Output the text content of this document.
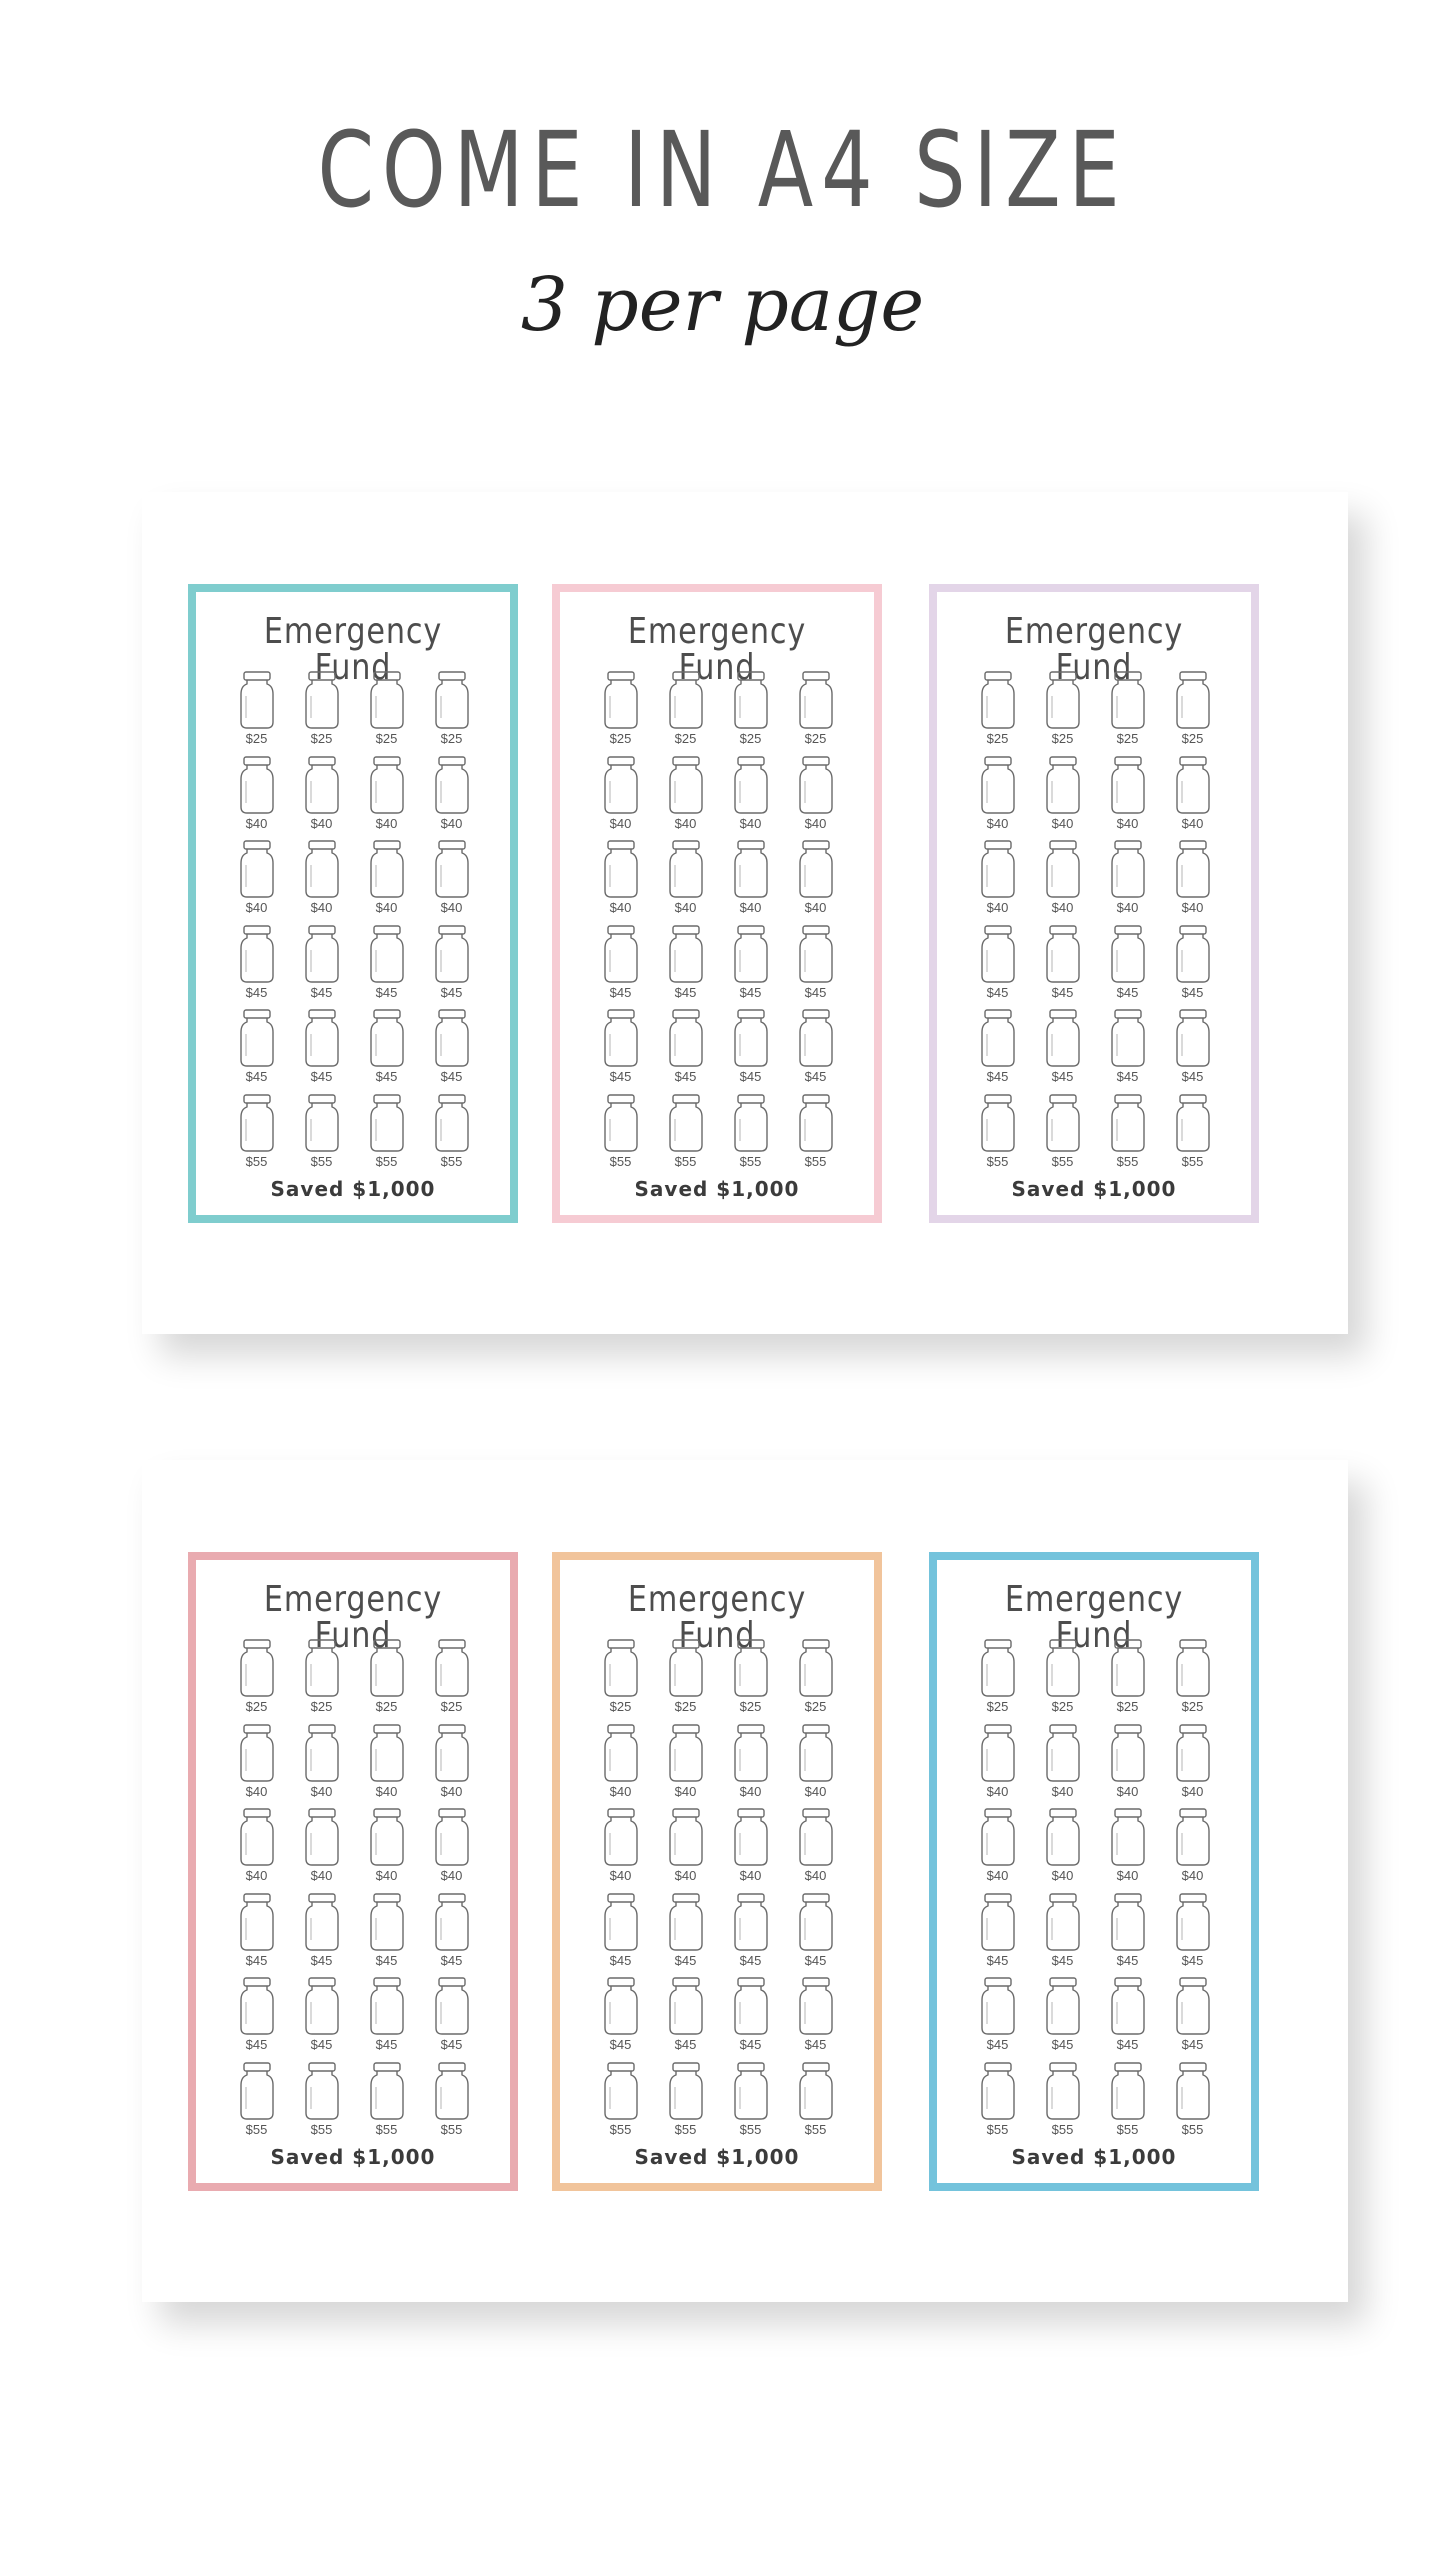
COME IN A4 SIZE
3 per page
Emergency Fund
$25	$25	$25	$25
$40	$40	$40	$40
$40	$40	$40	$40
$45	$45	$45	$45
$45	$45	$45	$45
$55	$55	$55	$55
Saved $1,000
Emergency Fund
$25	$25	$25	$25
$40	$40	$40	$40
$40	$40	$40	$40
$45	$45	$45	$45
$45	$45	$45	$45
$55	$55	$55	$55
Saved $1,000
Emergency Fund
$25	$25	$25	$25
$40	$40	$40	$40
$40	$40	$40	$40
$45	$45	$45	$45
$45	$45	$45	$45
$55	$55	$55	$55
Saved $1,000
Emergency Fund
$25	$25	$25	$25
$40	$40	$40	$40
$40	$40	$40	$40
$45	$45	$45	$45
$45	$45	$45	$45
$55	$55	$55	$55
Saved $1,000
Emergency Fund
$25	$25	$25	$25
$40	$40	$40	$40
$40	$40	$40	$40
$45	$45	$45	$45
$45	$45	$45	$45
$55	$55	$55	$55
Saved $1,000
Emergency Fund
$25	$25	$25	$25
$40	$40	$40	$40
$40	$40	$40	$40
$45	$45	$45	$45
$45	$45	$45	$45
$55	$55	$55	$55
Saved $1,000
